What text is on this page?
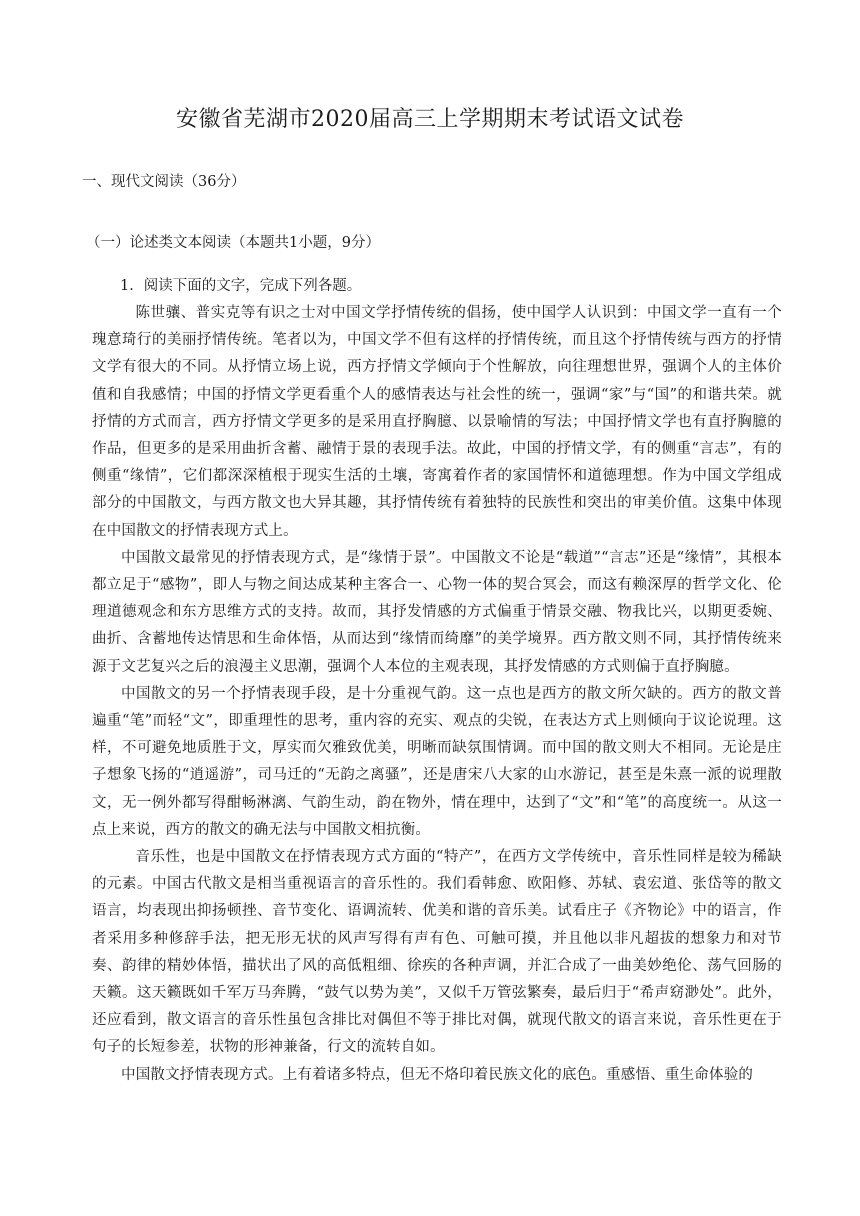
安徽省芜湖市2020届高三上学期期末考试语文试卷
一、现代文阅读（36分）
（一）论述类文本阅读（本题共1小题，9分）
1．阅读下面的文字，完成下列各题。

陈世骧、普实克等有识之士对中国文学抒情传统的倡扬，使中国学人认识到：中国文学一直有一个瑰意琦行的美丽抒情传统。笔者以为，中国文学不但有这样的抒情传统，而且这个抒情传统与西方的抒情文学有很大的不同。从抒情立场上说，西方抒情文学倾向于个性解放，向往理想世界，强调个人的主体价值和自我感情；中国的抒情文学更看重个人的感情表达与社会性的统一，强调“家”与“国”的和谐共荣。就抒情的方式而言，西方抒情文学更多的是采用直抒胸臆、以景喻情的写法；中国抒情文学也有直抒胸臆的作品，但更多的是采用曲折含蓄、融情于景的表现手法。故此，中国的抒情文学，有的侧重“言志”，有的侧重“缘情”，它们都深深植根于现实生活的土壤，寄寓着作者的家国情怀和道德理想。作为中国文学组成部分的中国散文，与西方散文也大异其趣，其抒情传统有着独特的民族性和突出的审美价值。这集中体现在中国散文的抒情表现方式上。

中国散文最常见的抒情表现方式，是“缘情于景”。中国散文不论是“载道”“言志”还是“缘情”，其根本都立足于“感物”，即人与物之间达成某种主客合一、心物一体的契合冥会，而这有赖深厚的哲学文化、伦理道德观念和东方思维方式的支持。故而，其抒发情感的方式偏重于情景交融、物我比兴，以期更委婉、曲折、含蓄地传达情思和生命体悟，从而达到“缘情而绮靡”的美学境界。西方散文则不同，其抒情传统来源于文艺复兴之后的浪漫主义思潮，强调个人本位的主观表现，其抒发情感的方式则偏于直抒胸臆。

中国散文的另一个抒情表现手段，是十分重视气韵。这一点也是西方的散文所欠缺的。西方的散文普遍重“笔”而轻“文”，即重理性的思考，重内容的充实、观点的尖锐，在表达方式上则倾向于议论说理。这样，不可避免地质胜于文，厚实而欠雅致优美，明晰而缺氛围情调。而中国的散文则大不相同。无论是庄子想象飞扬的“逍遥游”，司马迁的“无韵之离骚”，还是唐宋八大家的山水游记，甚至是朱熹一派的说理散文，无一例外都写得酣畅淋漓、气韵生动，韵在物外，情在理中，达到了“文”和“笔”的高度统一。从这一点上来说，西方的散文的确无法与中国散文相抗衡。

音乐性，也是中国散文在抒情表现方式方面的“特产”，在西方文学传统中，音乐性同样是较为稀缺的元素。中国古代散文是相当重视语言的音乐性的。我们看韩愈、欧阳修、苏轼、袁宏道、张岱等的散文语言，均表现出抑扬顿挫、音节变化、语调流转、优美和谐的音乐美。试看庄子《齐物论》中的语言，作者采用多种修辞手法，把无形无状的风声写得有声有色、可触可摸，并且他以非凡超拔的想象力和对节奏、韵律的精妙体悟，描状出了风的高低粗细、徐疾的各种声调，并汇合成了一曲美妙绝伦、荡气回肠的天籁。这天籁既如千军万马奔腾，“鼓气以势为美”，又似千万管弦繁奏，最后归于“希声窈渺处”。此外，还应看到，散文语言的音乐性虽包含排比对偶但不等于排比对偶，就现代散文的语言来说，音乐性更在于句子的长短参差，状物的形神兼备，行文的流转自如。

中国散文抒情表现方式。上有着诸多特点，但无不烙印着民族文化的底色。重感悟、重生命体验的
